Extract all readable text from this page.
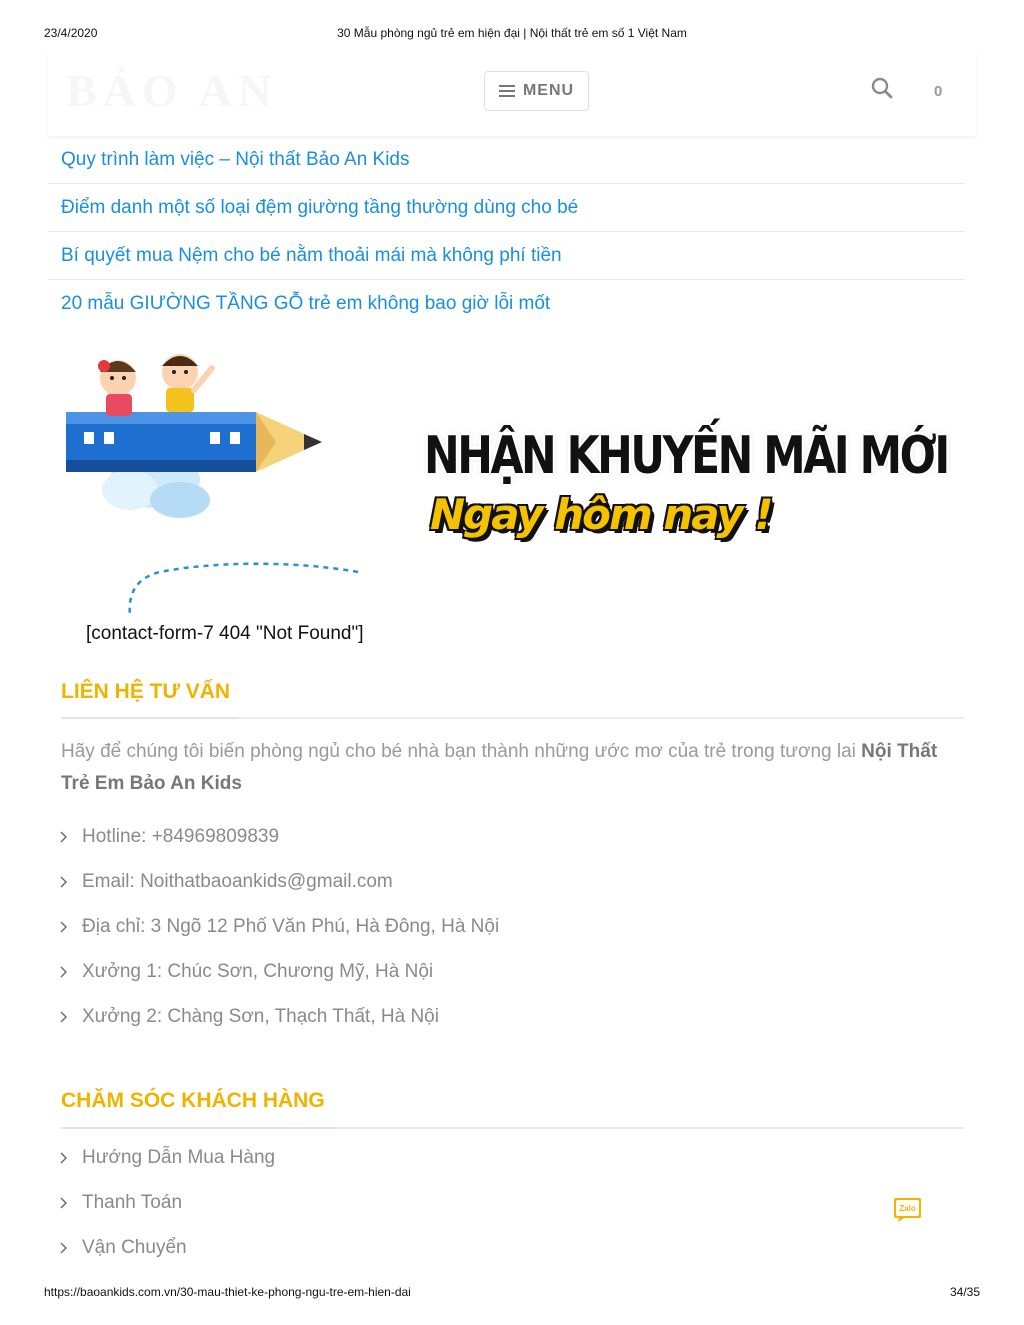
23/4/2020	30 Mẫu phòng ngủ trẻ em hiện đại | Nội thất trẻ em số 1 Việt Nam
BẢO AN	MENU	0
Quy trình làm việc – Nội thất Bảo An Kids
Điểm danh một số loại đệm giường tầng thường dùng cho bé
Bí quyết mua Nệm cho bé nằm thoải mái mà không phí tiền
20 mẫu GIƯỜNG TẦNG GỖ trẻ em không bao giờ lỗi mốt
NHẬN KHUYẾN MÃI MỚI
Ngay hôm nay !
[contact-form-7 404 "Not Found"]
LIÊN HỆ TƯ VẤN
Hãy để chúng tôi biến phòng ngủ cho bé nhà bạn thành những ước mơ của trẻ trong tương lai Nội Thất Trẻ Em Bảo An Kids
Hotline: +84969809839
Email: Noithatbaoankids@gmail.com
Địa chỉ: 3 Ngõ 12 Phố Văn Phú, Hà Đông, Hà Nội
Xưởng 1: Chúc Sơn, Chương Mỹ, Hà Nội
Xưởng 2: Chàng Sơn, Thạch Thất, Hà Nội
CHĂM SÓC KHÁCH HÀNG
Hướng Dẫn Mua Hàng
Thanh Toán
Vận Chuyển
Zalo
https://baoankids.com.vn/30-mau-thiet-ke-phong-ngu-tre-em-hien-dai	34/35
